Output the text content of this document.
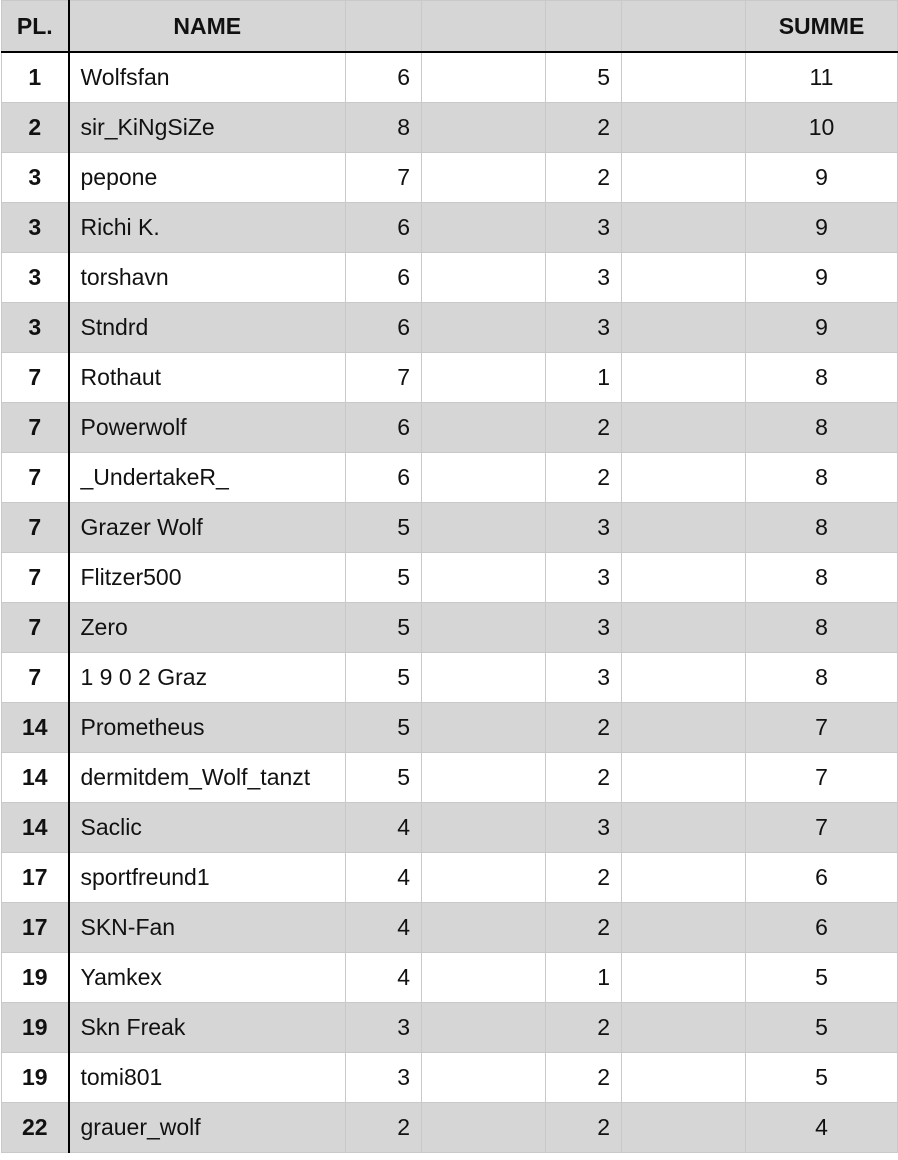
PL.	NAME					SUMME
1	Wolfsfan	6		5		11
2	sir_KiNgSiZe	8		2		10
3	pepone	7		2		9
3	Richi K.	6		3		9
3	torshavn	6		3		9
3	Stndrd	6		3		9
7	Rothaut	7		1		8
7	Powerwolf	6		2		8
7	_UndertakeR_	6		2		8
7	Grazer Wolf	5		3		8
7	Flitzer500	5		3		8
7	Zero	5		3		8
7	1 9 0 2 Graz	5		3		8
14	Prometheus	5		2		7
14	dermitdem_Wolf_tanzt	5		2		7
14	Saclic	4		3		7
17	sportfreund1	4		2		6
17	SKN-Fan	4		2		6
19	Yamkex	4		1		5
19	Skn Freak	3		2		5
19	tomi801	3		2		5
22	grauer_wolf	2		2		4
